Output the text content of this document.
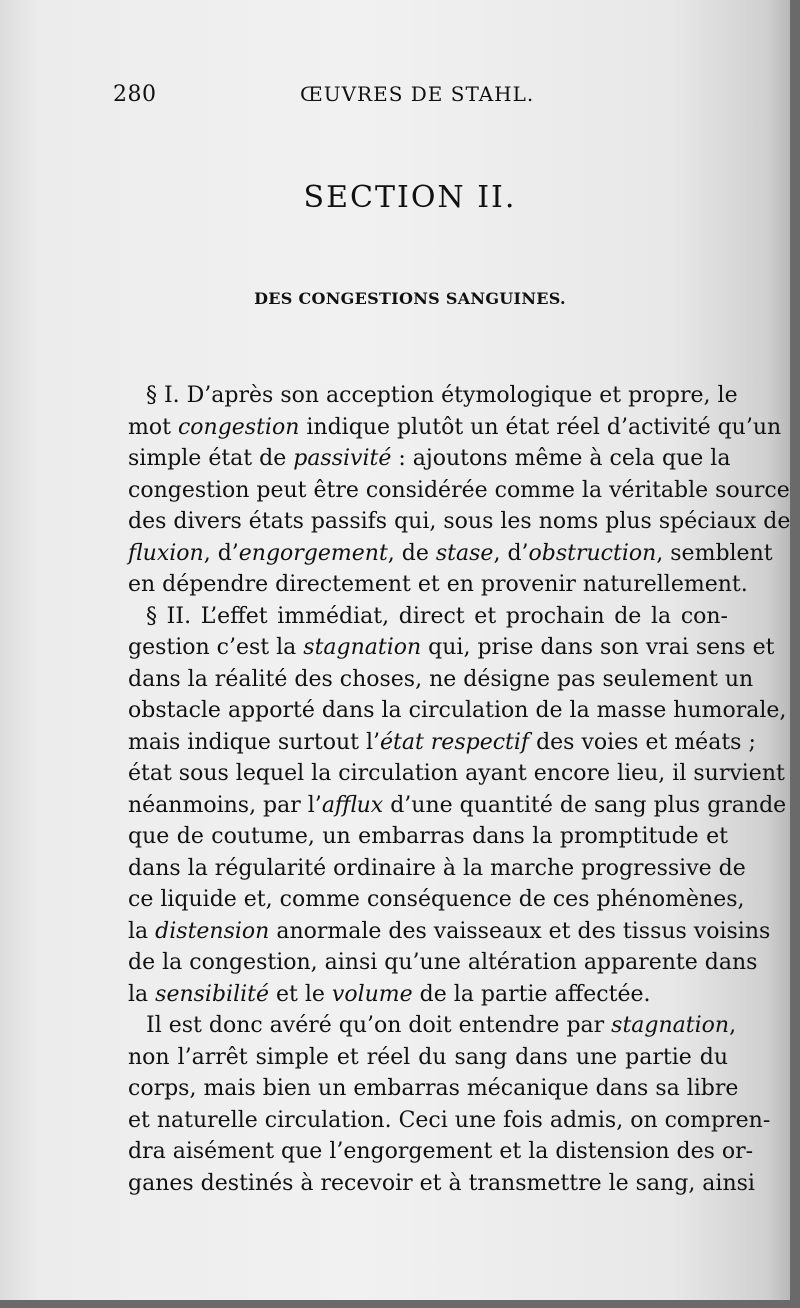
280	ŒUVRES DE STAHL.
SECTION II.
DES CONGESTIONS SANGUINES.
§ I. D’après son acception étymologique et propre, le
mot congestion indique plutôt un état réel d’activité qu’un
simple état de passivité : ajoutons même à cela que la
congestion peut être considérée comme la véritable source
des divers états passifs qui, sous les noms plus spéciaux de
fluxion, d’engorgement, de stase, d’obstruction, semblent
en dépendre directement et en provenir naturellement.
§ II. L’effet immédiat, direct et prochain de la con-
gestion c’est la stagnation qui, prise dans son vrai sens et
dans la réalité des choses, ne désigne pas seulement un
obstacle apporté dans la circulation de la masse humorale,
mais indique surtout l’état respectif des voies et méats ;
état sous lequel la circulation ayant encore lieu, il survient
néanmoins, par l’afflux d’une quantité de sang plus grande
que de coutume, un embarras dans la promptitude et
dans la régularité ordinaire à la marche progressive de
ce liquide et, comme conséquence de ces phénomènes,
la distension anormale des vaisseaux et des tissus voisins
de la congestion, ainsi qu’une altération apparente dans
la sensibilité et le volume de la partie affectée.
Il est donc avéré qu’on doit entendre par stagnation,
non l’arrêt simple et réel du sang dans une partie du
corps, mais bien un embarras mécanique dans sa libre
et naturelle circulation. Ceci une fois admis, on compren-
dra aisément que l’engorgement et la distension des or-
ganes destinés à recevoir et à transmettre le sang, ainsi
